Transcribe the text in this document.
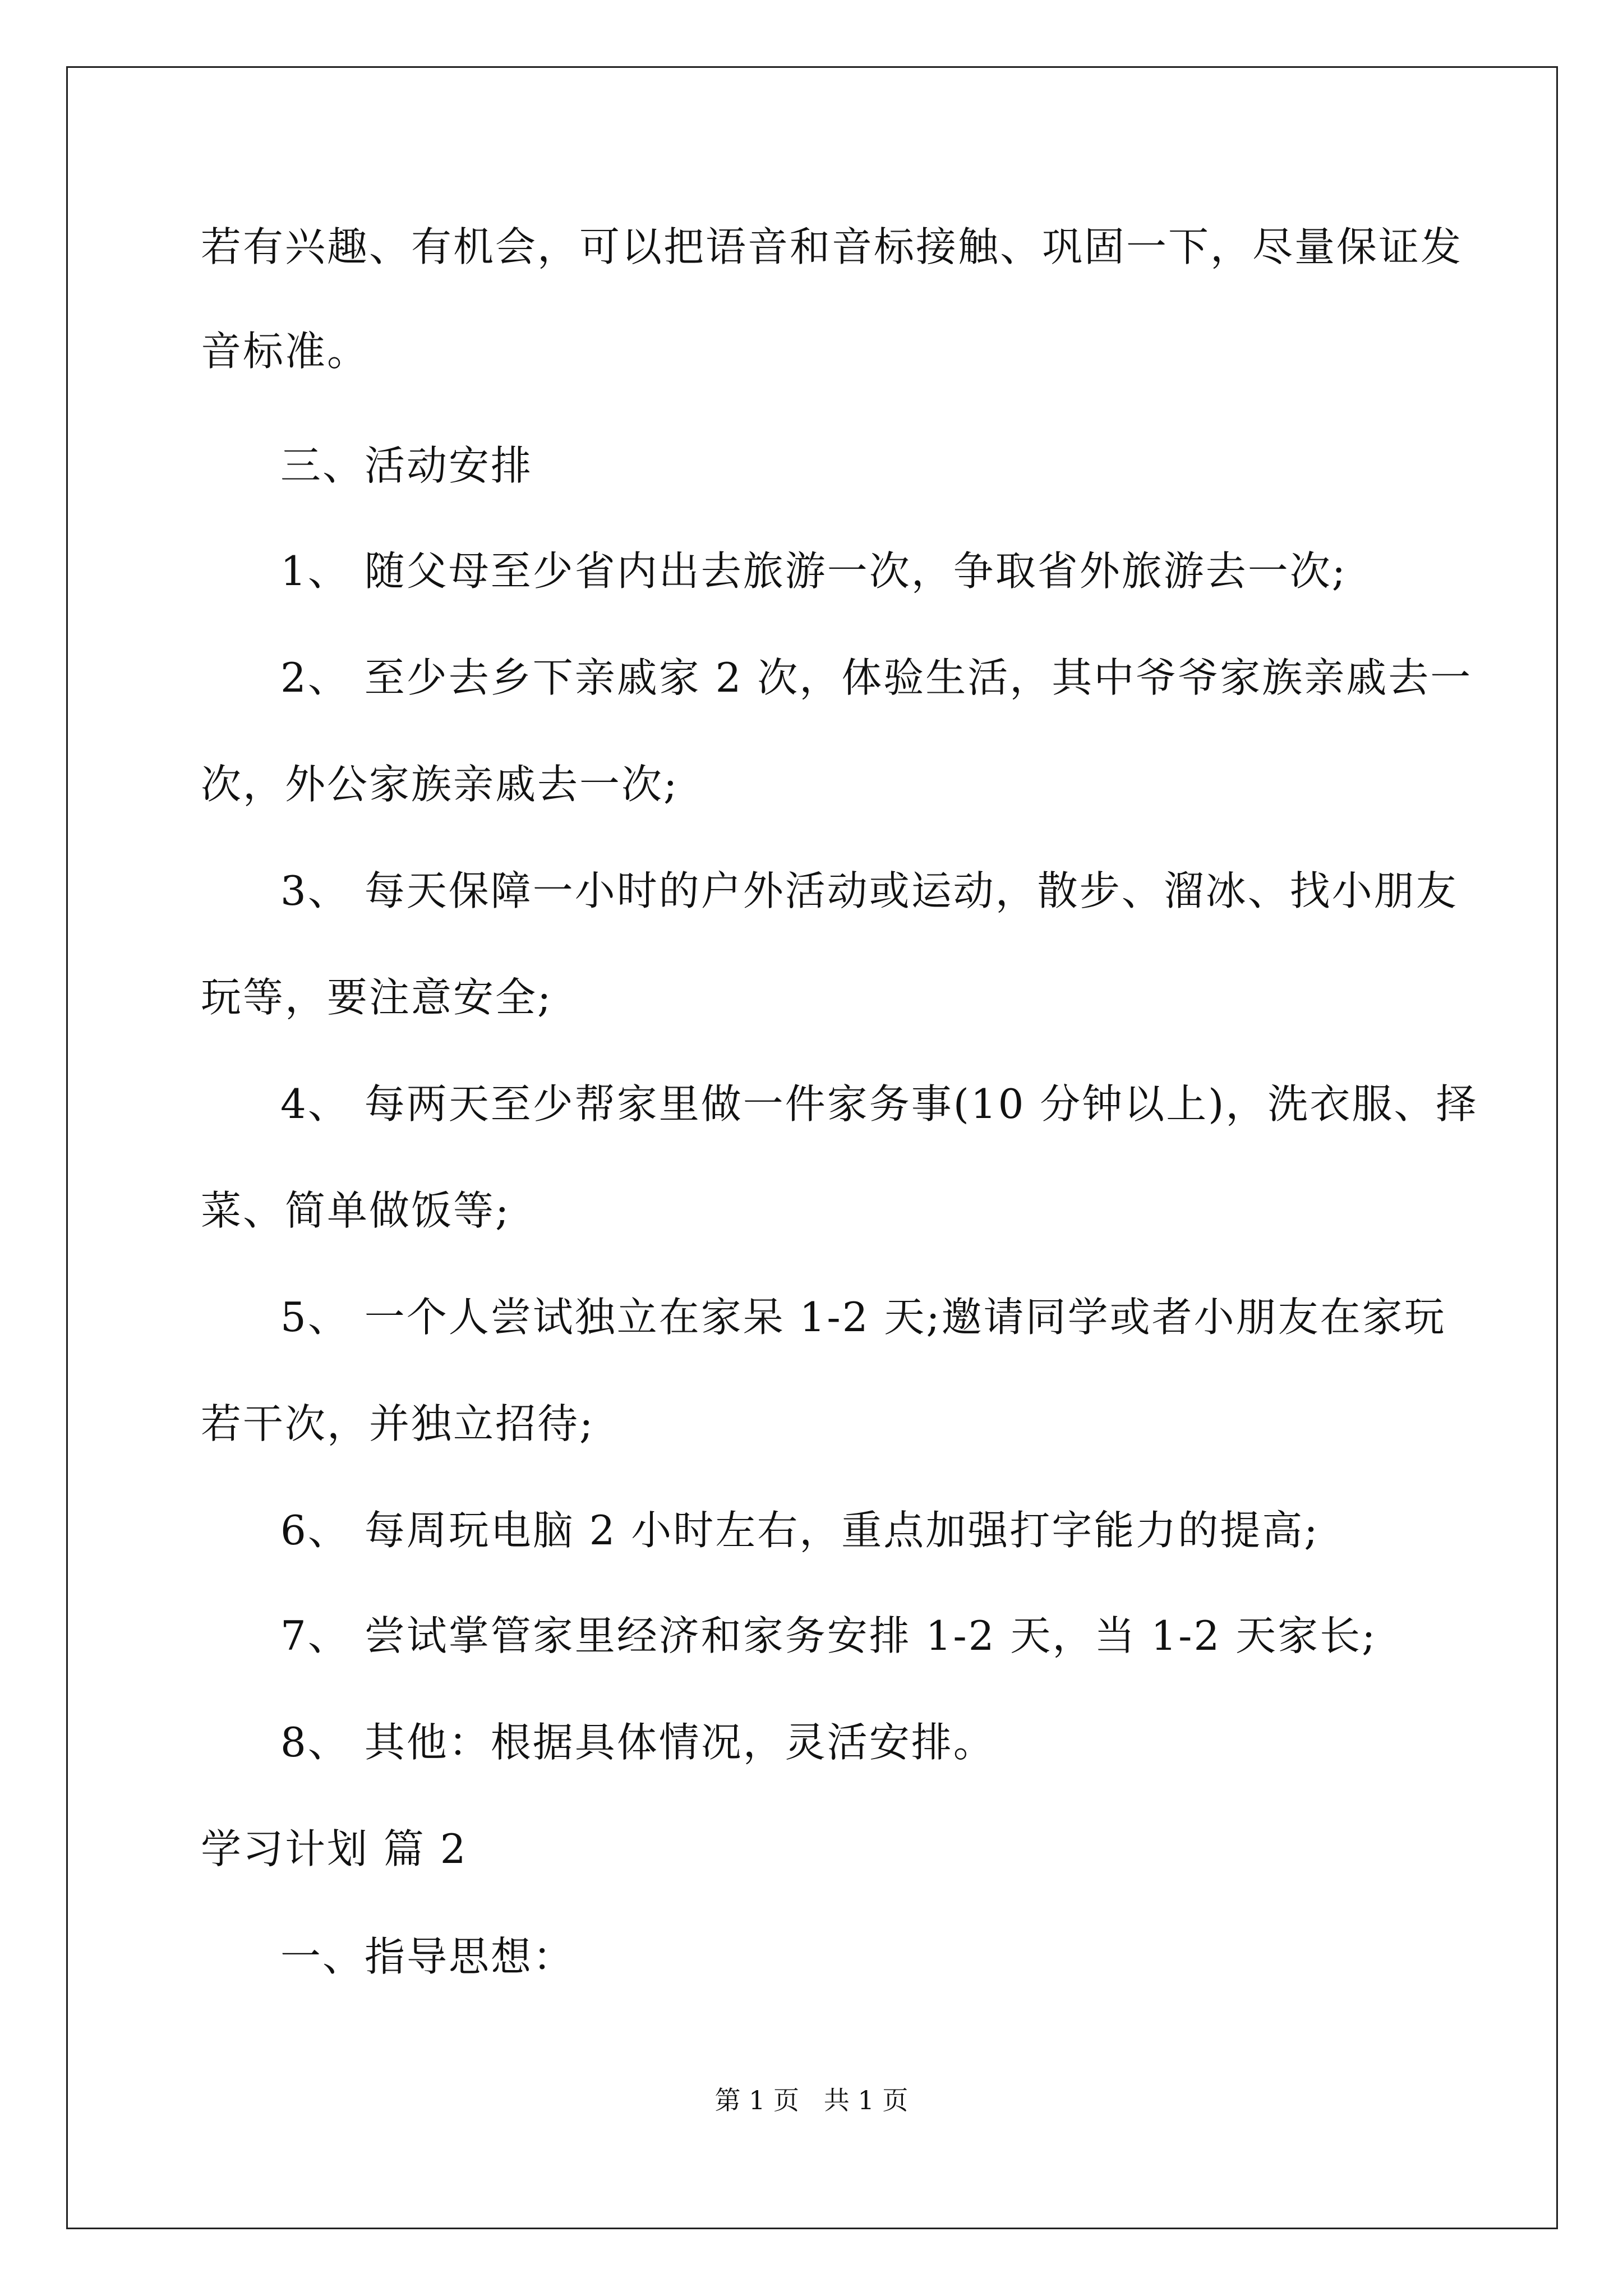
若有兴趣、有机会，可以把语音和音标接触、巩固一下，尽量保证发
音标准。
三、活动安排
1、 随父母至少省内出去旅游一次，争取省外旅游去一次;
2、 至少去乡下亲戚家 2 次，体验生活，其中爷爷家族亲戚去一
次，外公家族亲戚去一次;
3、 每天保障一小时的户外活动或运动，散步、溜冰、找小朋友
玩等，要注意安全;
4、 每两天至少帮家里做一件家务事(10 分钟以上)，洗衣服、择
菜、简单做饭等;
5、 一个人尝试独立在家呆 1-2 天;邀请同学或者小朋友在家玩
若干次，并独立招待;
6、 每周玩电脑 2 小时左右，重点加强打字能力的提高;
7、 尝试掌管家里经济和家务安排 1-2 天，当 1-2 天家长;
8、 其他：根据具体情况，灵活安排。
学习计划 篇 2
一、指导思想：
第 1 页   共 1 页
